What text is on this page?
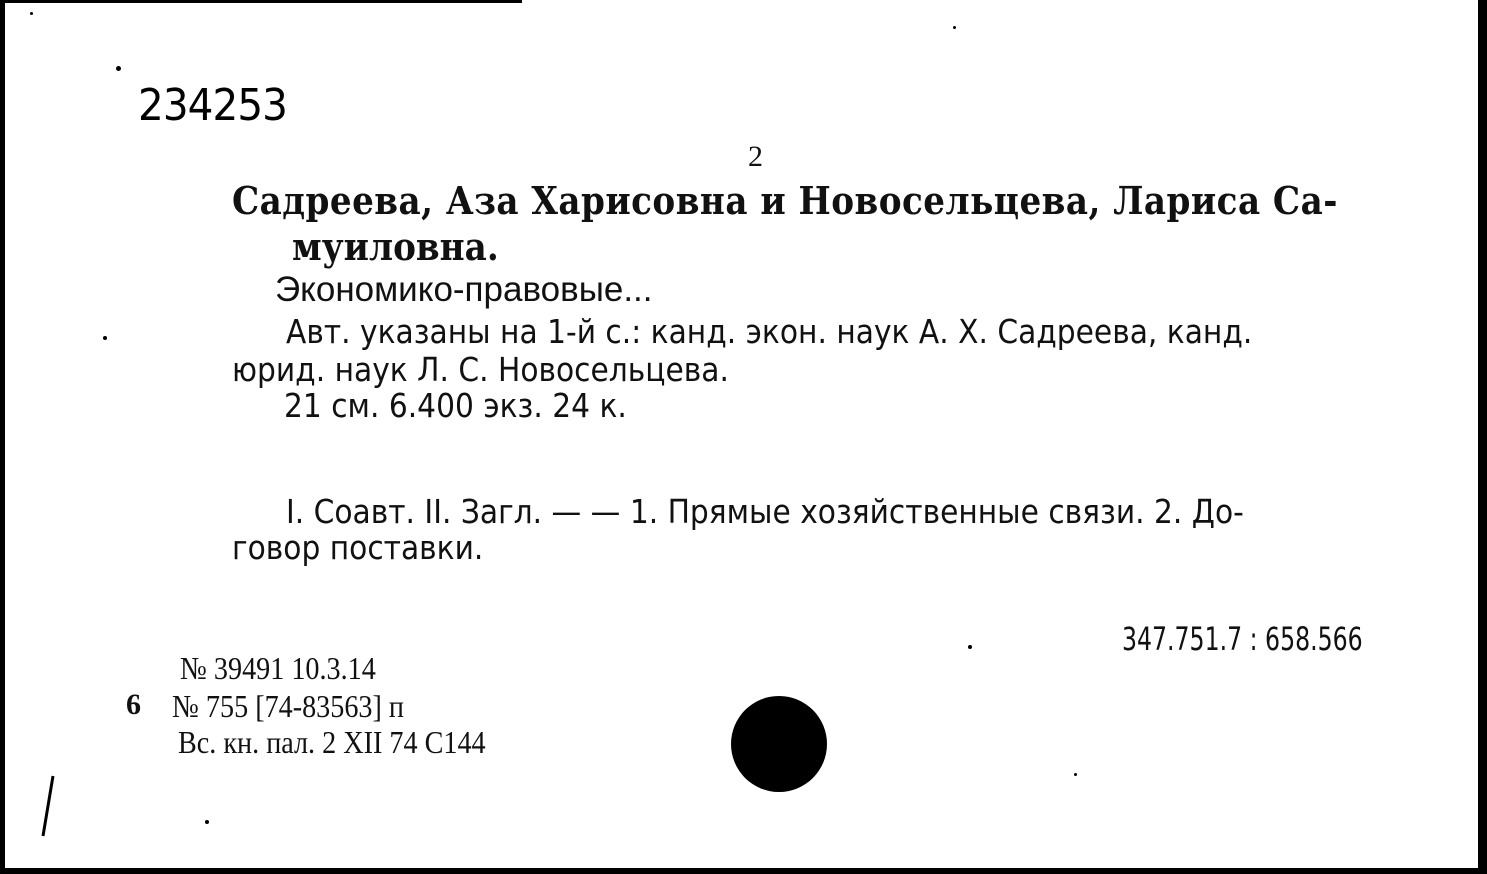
234253
2
Садреева, Аза Харисовна и Новосельцева, Лариса Са-
муиловна.
Экономико-правовые...
Авт. указаны на 1-й с.: канд. экон. наук А. Х. Садреева, канд.
юрид. наук Л. С. Новосельцева.
21 см. 6.400 экз. 24 к.
I. Соавт. II. Загл. — — 1. Прямые хозяйственные связи. 2. До-
говор поставки.
347.751.7 : 658.566
№ 39491 10.3.14
6 № 755 [74-83563] п
Вс. кн. пал. 2 XII 74 С144
